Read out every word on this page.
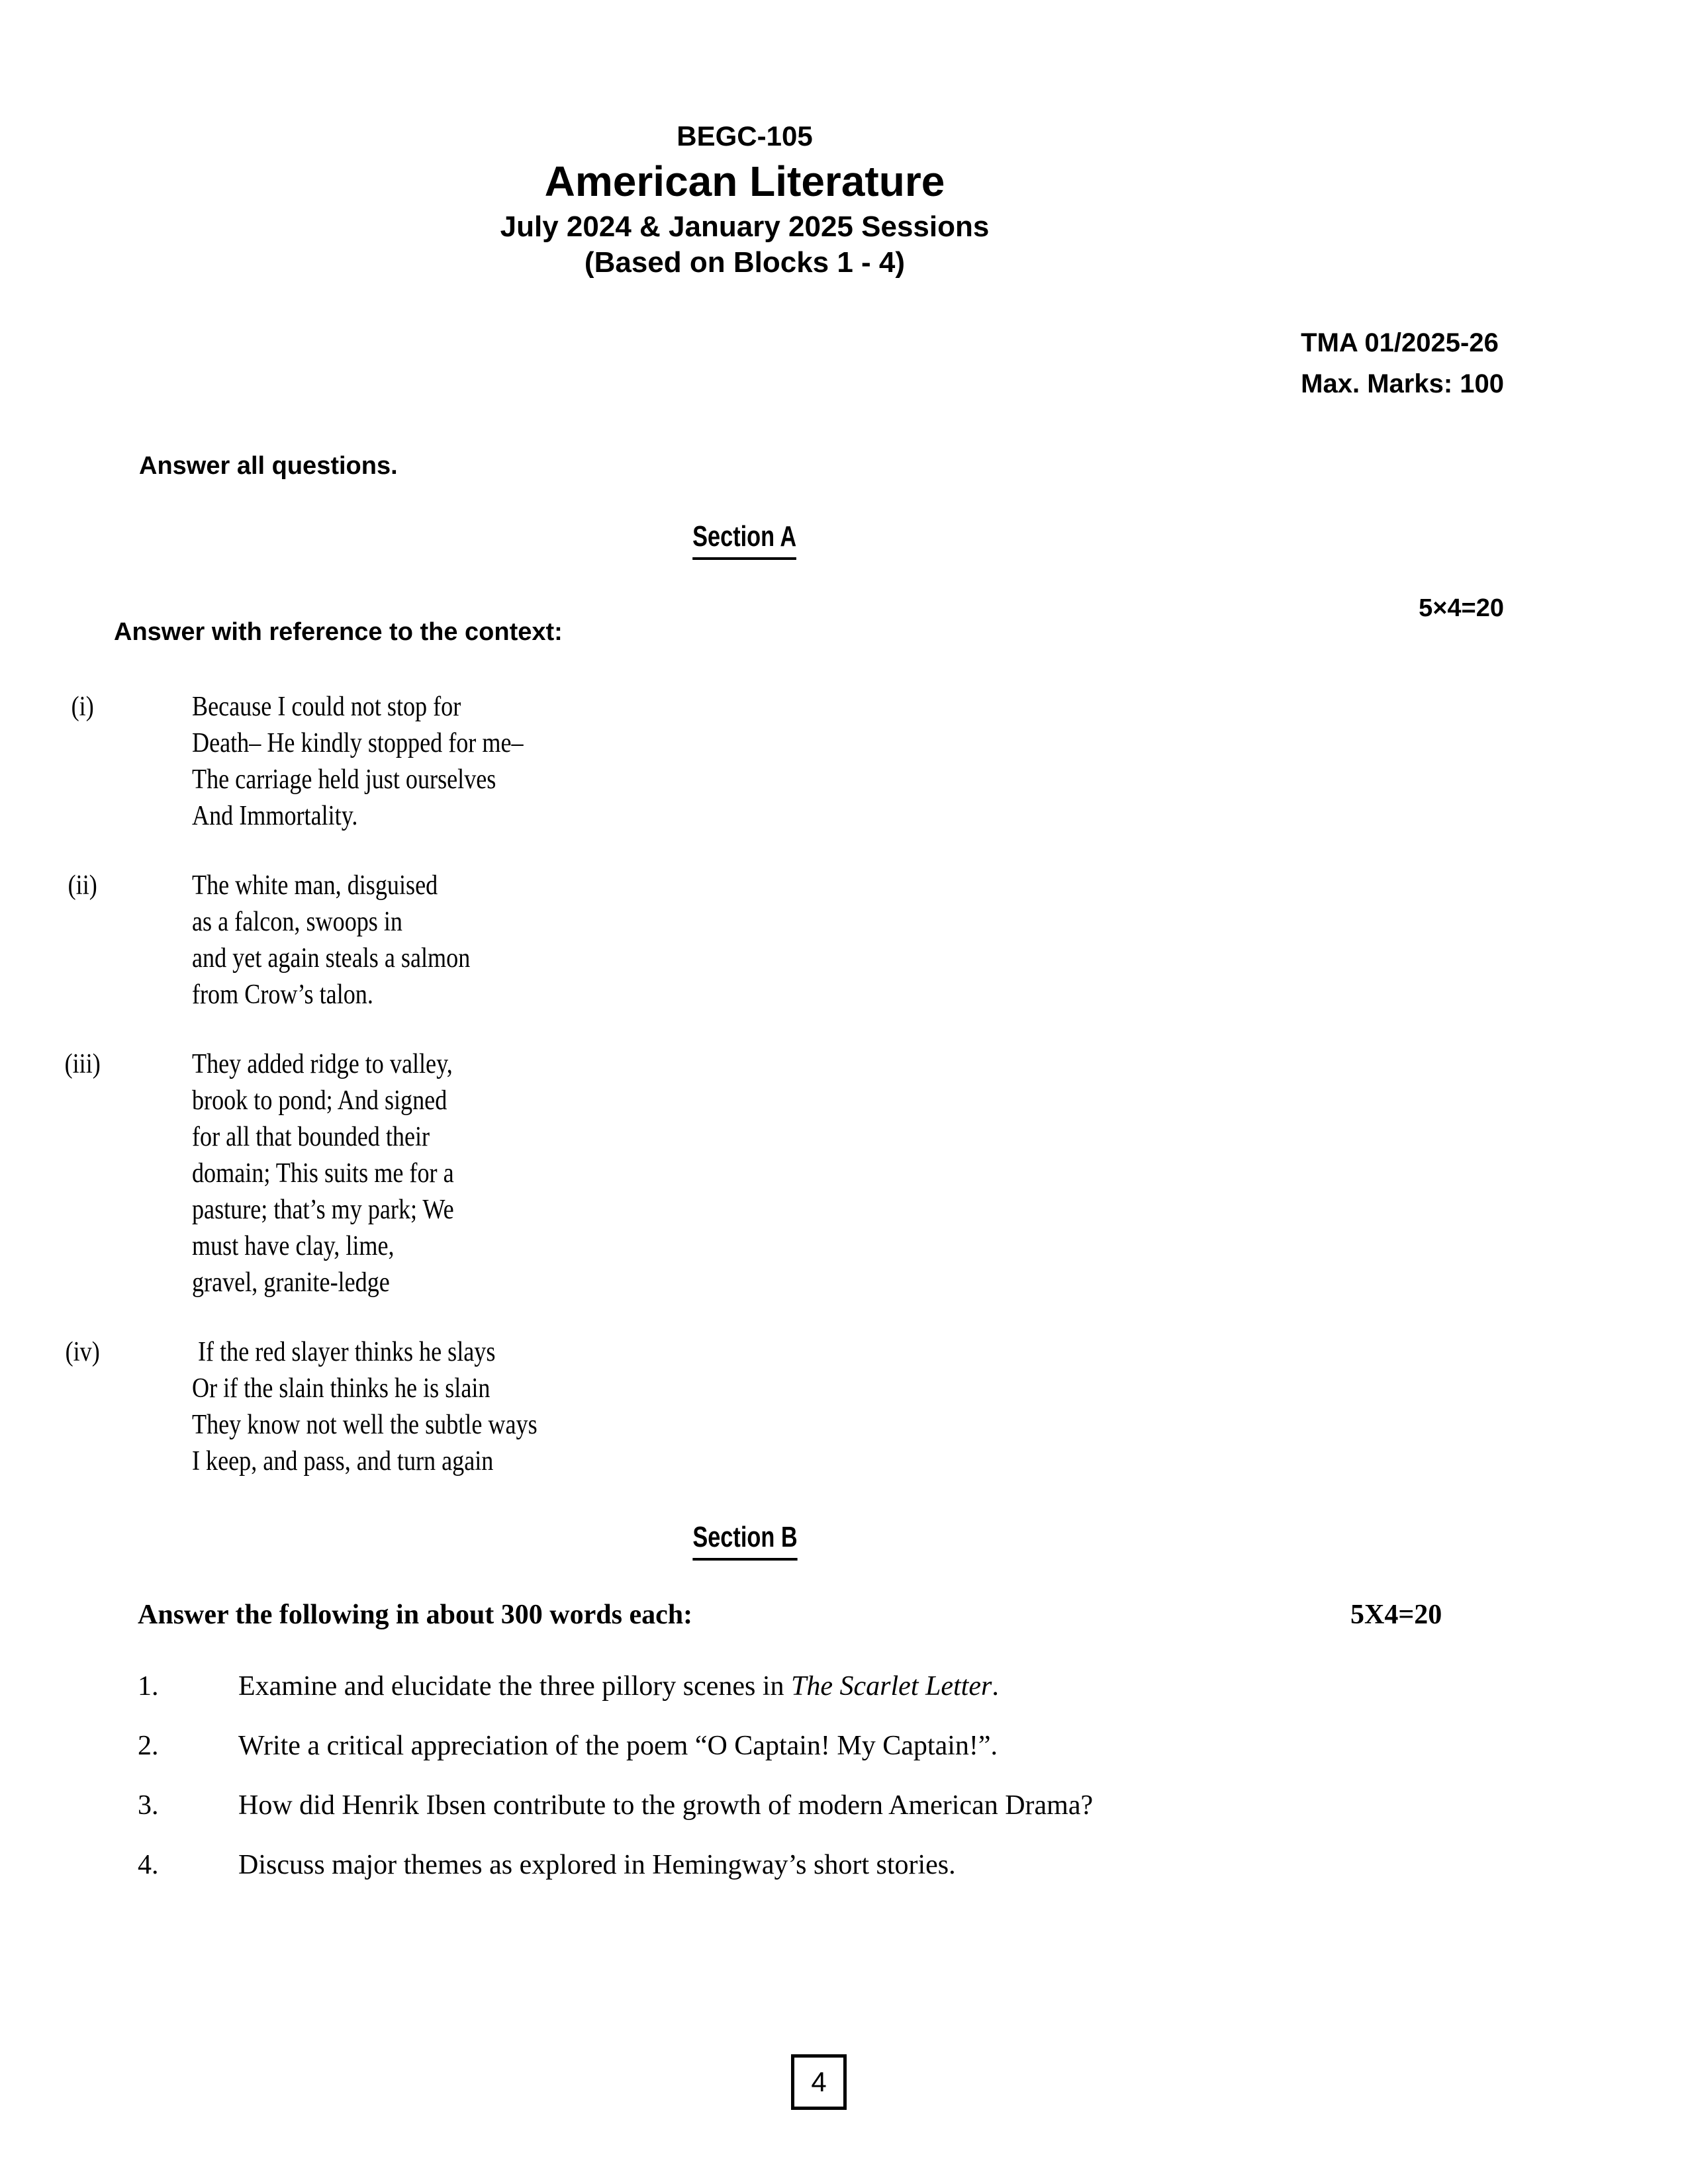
BEGC-105

American Literature

July 2024 & January 2025 Sessions

(Based on Blocks 1 - 4)

TMA 01/2025-26

Max. Marks: 100

Answer all questions.
Section A
5×4=20
Answer with reference to the context:
(i)	Because I could not stop for
Death– He kindly stopped for me–
The carriage held just ourselves
And Immortality.
(ii)	The white man, disguised
as a falcon, swoops in
and yet again steals a salmon
from Crow’s talon.
(iii)	They added ridge to valley,
brook to pond; And signed
for all that bounded their
domain; This suits me for a
pasture; that’s my park; We
must have clay, lime,
gravel, granite-ledge
(iv)	If the red slayer thinks he slays
Or if the slain thinks he is slain
They know not well the subtle ways
I keep, and pass, and turn again
Section B
Answer the following in about 300 words each:	5X4=20
1.	Examine and elucidate the three pillory scenes in The Scarlet Letter.
2.	Write a critical appreciation of the poem “O Captain! My Captain!”.
3.	How did Henrik Ibsen contribute to the growth of modern American Drama?
4.	Discuss major themes as explored in Hemingway’s short stories.
4
